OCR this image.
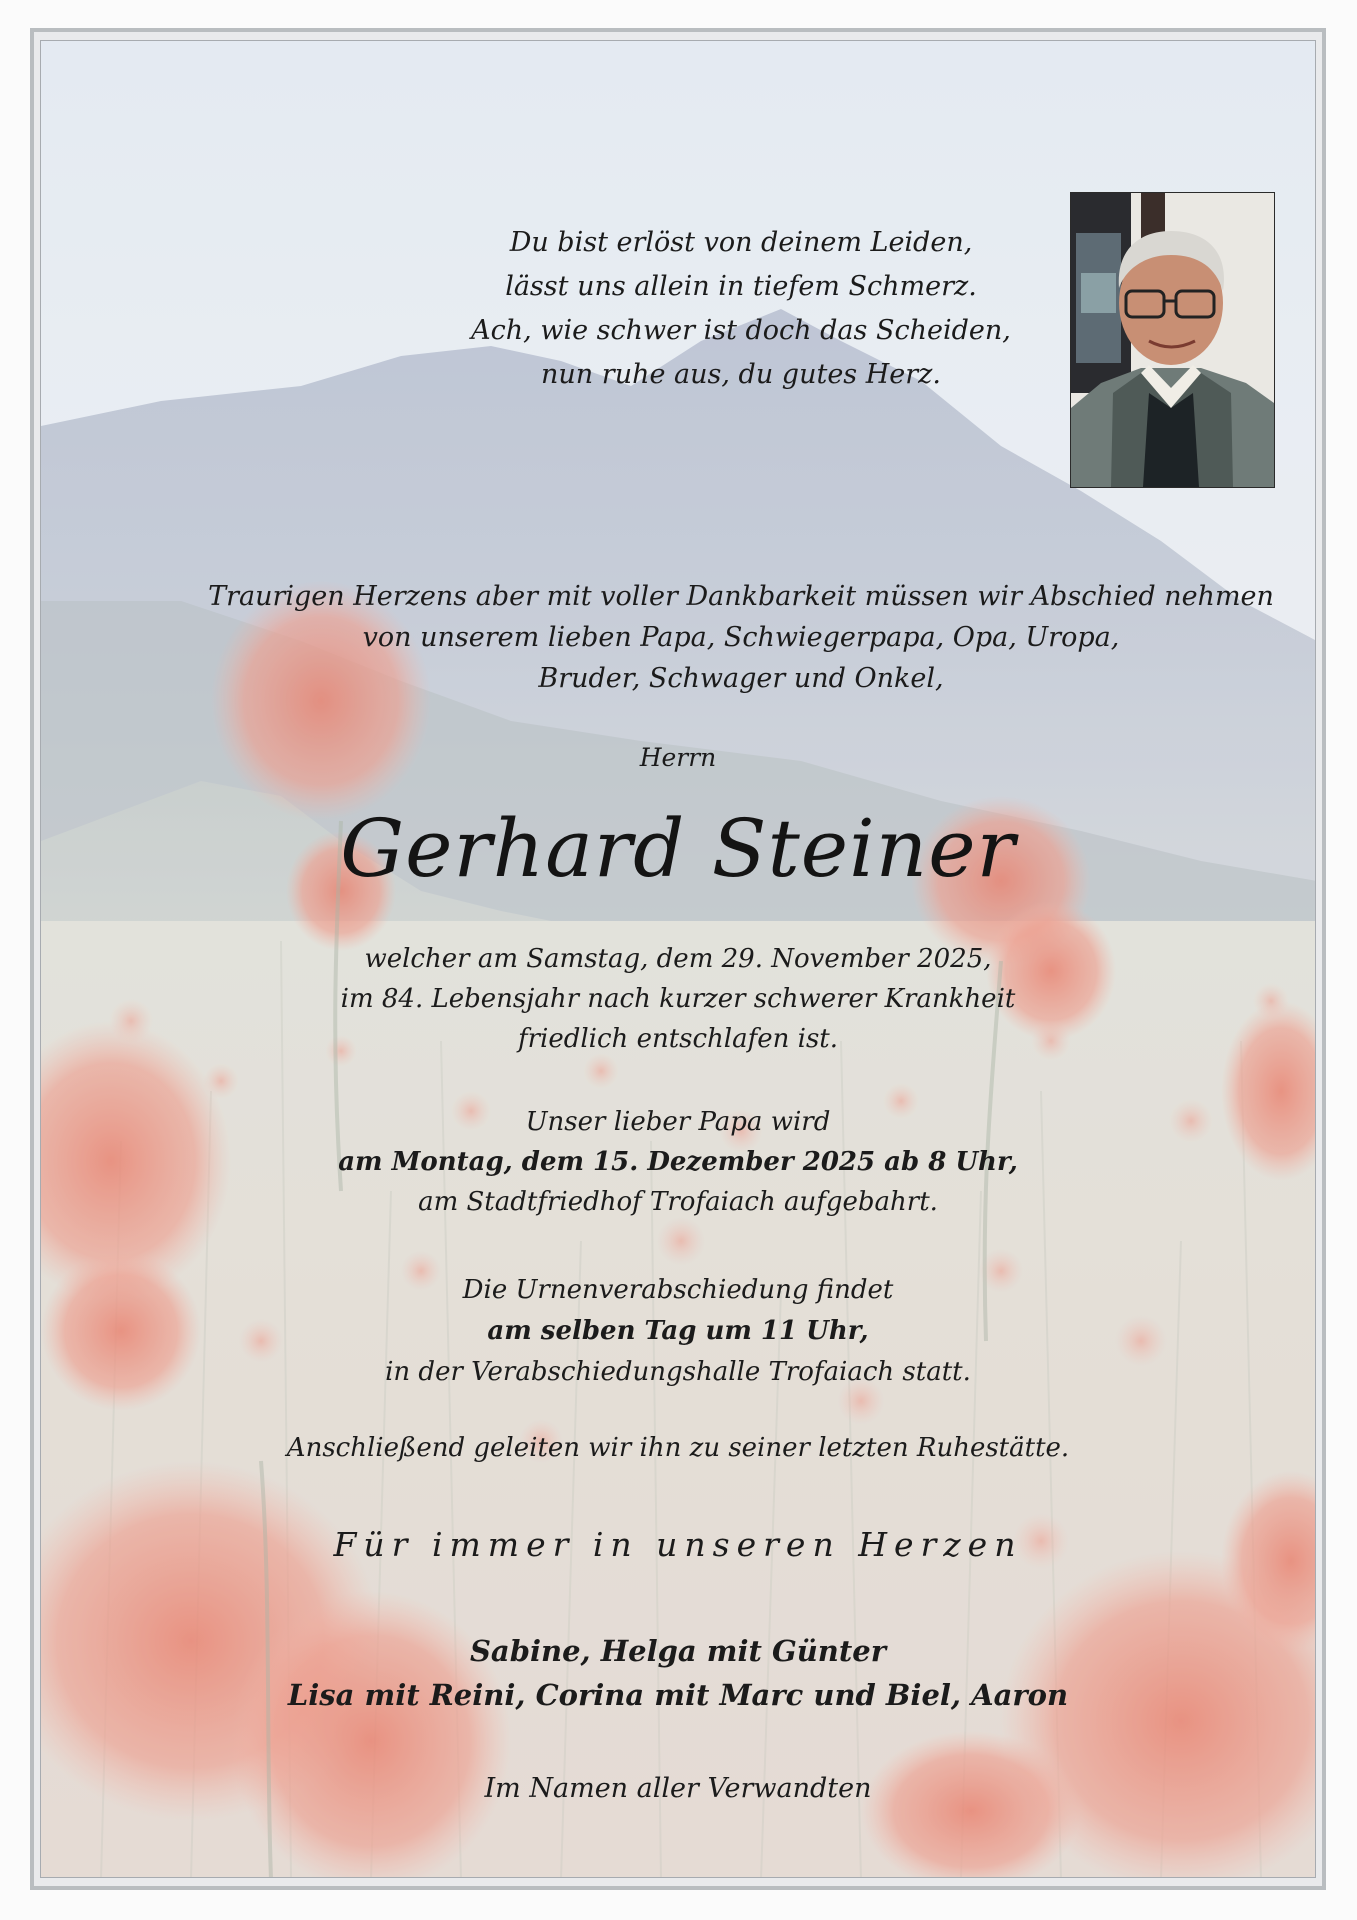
Du bist erlöst von deinem Leiden,
lässt uns allein in tiefem Schmerz.
Ach, wie schwer ist doch das Scheiden,
nun ruhe aus, du gutes Herz.
Traurigen Herzens aber mit voller Dankbarkeit müssen wir Abschied nehmen
von unserem lieben Papa, Schwiegerpapa, Opa, Uropa,
Bruder, Schwager und Onkel,
Herrn
Gerhard Steiner
welcher am Samstag, dem 29. November 2025,
im 84. Lebensjahr nach kurzer schwerer Krankheit
friedlich entschlafen ist.
Unser lieber Papa wird
am Montag, dem 15. Dezember 2025 ab 8 Uhr,
am Stadtfriedhof Trofaiach aufgebahrt.
Die Urnenverabschiedung findet
am selben Tag um 11 Uhr,
in der Verabschiedungshalle Trofaiach statt.
Anschließend geleiten wir ihn zu seiner letzten Ruhestätte.
Für immer in unseren Herzen
Sabine, Helga mit Günter
Lisa mit Reini, Corina mit Marc und Biel, Aaron
Im Namen aller Verwandten
